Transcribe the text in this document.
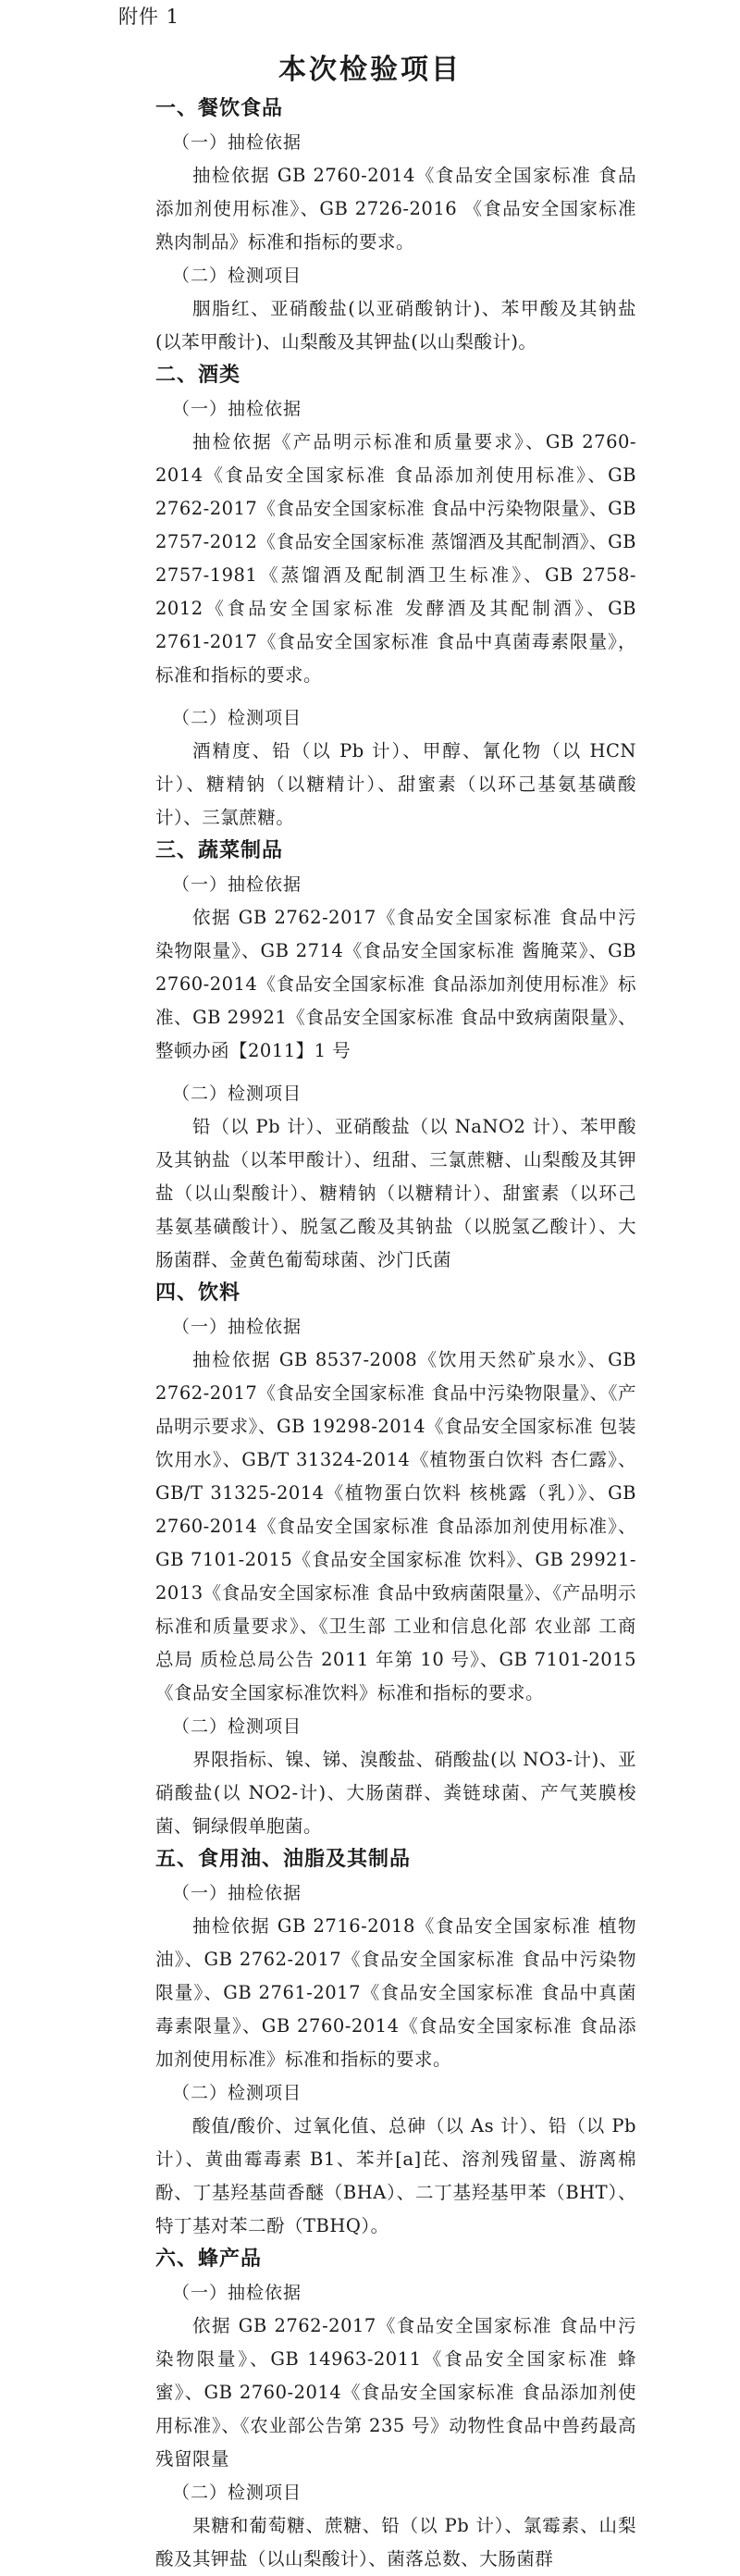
附件 1
本次检验项目
一、餐饮食品
（一）抽检依据

抽检依据 GB 2760-2014《食品安全国家标准 食品添加剂使用标准》、GB 2726-2016 《食品安全国家标准 熟肉制品》标准和指标的要求。

（二）检测项目

胭脂红、亚硝酸盐(以亚硝酸钠计)、苯甲酸及其钠盐(以苯甲酸计)、山梨酸及其钾盐(以山梨酸计)。

二、酒类
（一）抽检依据

抽检依据《产品明示标准和质量要求》、GB 2760-2014《食品安全国家标准 食品添加剂使用标准》、GB 2762-2017《食品安全国家标准 食品中污染物限量》、GB 2757-2012《食品安全国家标准 蒸馏酒及其配制酒》、GB 2757-1981《蒸馏酒及配制酒卫生标准》、GB 2758-2012《食品安全国家标准 发酵酒及其配制酒》、GB 2761-2017《食品安全国家标准 食品中真菌毒素限量》，标准和指标的要求。

（二）检测项目

酒精度、铅（以 Pb 计）、甲醇、氰化物（以 HCN 计）、糖精钠（以糖精计）、甜蜜素（以环己基氨基磺酸计）、三氯蔗糖。

三、蔬菜制品
（一）抽检依据

依据 GB 2762-2017《食品安全国家标准 食品中污染物限量》、GB 2714《食品安全国家标准 酱腌菜》、GB 2760-2014《食品安全国家标准 食品添加剂使用标准》标准、GB 29921《食品安全国家标准 食品中致病菌限量》、整顿办函【2011】1 号

（二）检测项目

铅（以 Pb 计）、亚硝酸盐（以 NaNO2 计）、苯甲酸及其钠盐（以苯甲酸计）、纽甜、三氯蔗糖、山梨酸及其钾盐（以山梨酸计）、糖精钠（以糖精计）、甜蜜素（以环己基氨基磺酸计）、脱氢乙酸及其钠盐（以脱氢乙酸计）、大肠菌群、金黄色葡萄球菌、沙门氏菌

四、饮料
（一）抽检依据

抽检依据 GB 8537-2008《饮用天然矿泉水》、GB 2762-2017《食品安全国家标准 食品中污染物限量》、《产品明示要求》、GB 19298-2014《食品安全国家标准 包装饮用水》、GB/T 31324-2014《植物蛋白饮料 杏仁露》、GB/T 31325-2014《植物蛋白饮料 核桃露（乳）》、GB 2760-2014《食品安全国家标准 食品添加剂使用标准》、GB 7101-2015《食品安全国家标准 饮料》、GB 29921-2013《食品安全国家标准 食品中致病菌限量》、《产品明示标准和质量要求》、《卫生部 工业和信息化部 农业部 工商总局 质检总局公告 2011 年第 10 号》、GB 7101-2015《食品安全国家标准饮料》标准和指标的要求。

（二）检测项目

界限指标、镍、锑、溴酸盐、硝酸盐(以 NO3-计)、亚硝酸盐(以 NO2-计)、大肠菌群、粪链球菌、产气荚膜梭菌、铜绿假单胞菌。

五、食用油、油脂及其制品
（一）抽检依据

抽检依据 GB 2716-2018《食品安全国家标准 植物油》、GB 2762-2017《食品安全国家标准 食品中污染物限量》、GB 2761-2017《食品安全国家标准 食品中真菌毒素限量》、GB 2760-2014《食品安全国家标准 食品添加剂使用标准》标准和指标的要求。

（二）检测项目

酸值/酸价、过氧化值、总砷（以 As 计）、铅（以 Pb 计）、黄曲霉毒素 B1、苯并[a]芘、溶剂残留量、游离棉酚、丁基羟基茴香醚（BHA）、二丁基羟基甲苯（BHT）、特丁基对苯二酚（TBHQ）。

六、蜂产品
（一）抽检依据

依据 GB 2762-2017《食品安全国家标准 食品中污染物限量》、GB 14963-2011《食品安全国家标准 蜂蜜》、GB 2760-2014《食品安全国家标准 食品添加剂使用标准》、《农业部公告第 235 号》动物性食品中兽药最高残留限量

（二）检测项目

果糖和葡萄糖、蔗糖、铅（以 Pb 计）、氯霉素、山梨酸及其钾盐（以山梨酸计）、菌落总数、大肠菌群
